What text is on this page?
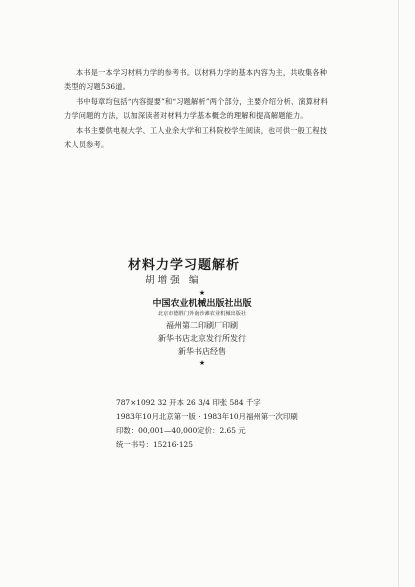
本书是一本学习材料力学的参考书。以材料力学的基本内容为主，共收集各种类型的习题536道。

书中每章均包括“内容提要”和“习题解析”两个部分，主要介绍分析、演算材料力学问题的方法，以加深读者对材料力学基本概念的理解和提高解题能力。

本书主要供电视大学、工人业余大学和工科院校学生阅读，也可供一般工程技术人员参考。

材料力学习题解析
胡增强 编
★
中国农业机械出版社出版
北京市德胜门外南沙滩农业机械出版社
福州第二印刷厂印刷
新华书店北京发行所发行
新华书店经售
★
787×1092 32 开本 26 3/4 印张 584 千字
1983年10月北京第一版 · 1983年10月福州第一次印刷
印数：00,001—40,000定价：2.65 元
统一书号：15216·125
